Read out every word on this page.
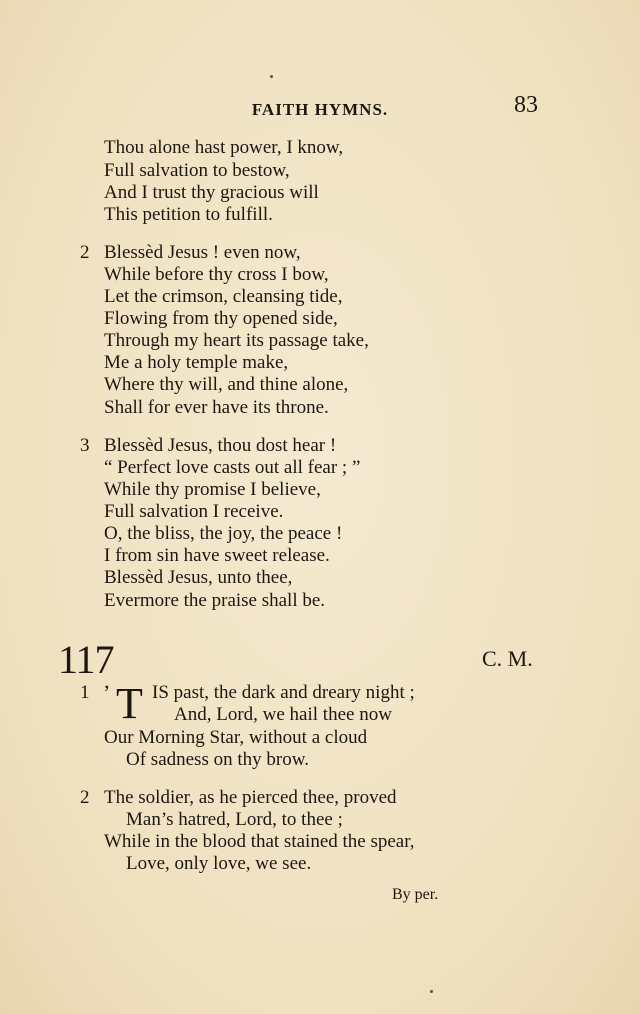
FAITH HYMNS.	83
Thou alone hast power, I know,
Full salvation to bestow,
And I trust thy gracious will
This petition to fulfill.
2 Blessèd Jesus ! even now,
While before thy cross I bow,
Let the crimson, cleansing tide,
Flowing from thy opened side,
Through my heart its passage take,
Me a holy temple make,
Where thy will, and thine alone,
Shall for ever have its throne.
3 Blessèd Jesus, thou dost hear !
“ Perfect love casts out all fear ; ”
While thy promise I believe,
Full salvation I receive.
O, the bliss, the joy, the peace !
I from sin have sweet release.
Blessèd Jesus, unto thee,
Evermore the praise shall be.
117	C. M.
1 ’ T IS past, the dark and dreary night ;
And, Lord, we hail thee now
Our Morning Star, without a cloud
Of sadness on thy brow.
2 The soldier, as he pierced thee, proved
Man’s hatred, Lord, to thee ;
While in the blood that stained the spear,
Love, only love, we see.
By per.
